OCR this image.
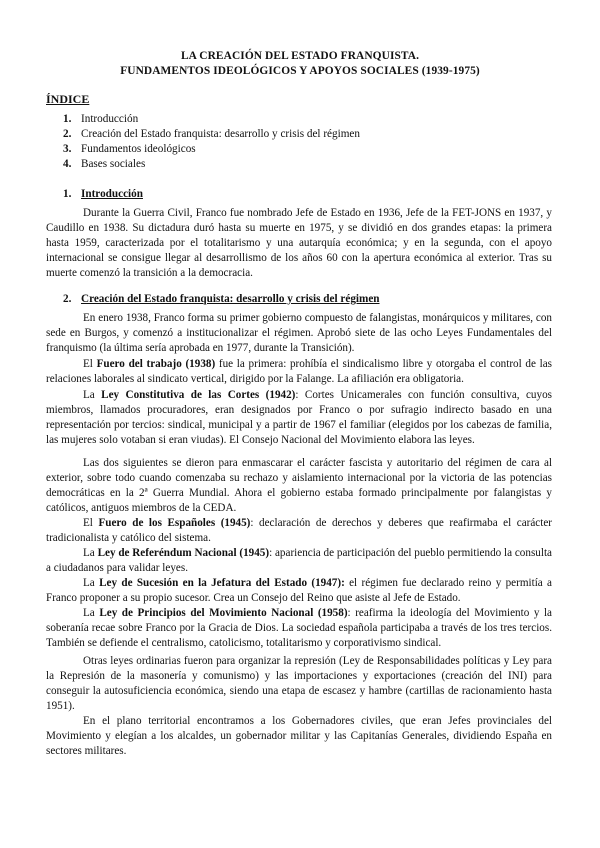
LA CREACIÓN DEL ESTADO FRANQUISTA.
FUNDAMENTOS IDEOLÓGICOS Y APOYOS SOCIALES (1939-1975)
ÍNDICE
1. Introducción
2. Creación del Estado franquista: desarrollo y crisis del régimen
3. Fundamentos ideológicos
4. Bases sociales
1. Introducción

Durante la Guerra Civil, Franco fue nombrado Jefe de Estado en 1936, Jefe de la FET-JONS en 1937, y Caudillo en 1938. Su dictadura duró hasta su muerte en 1975, y se dividió en dos grandes etapas: la primera hasta 1959, caracterizada por el totalitarismo y una autarquía económica; y en la segunda, con el apoyo internacional se consigue llegar al desarrollismo de los años 60 con la apertura económica al exterior. Tras su muerte comenzó la transición a la democracia.

2. Creación del Estado franquista: desarrollo y crisis del régimen

En enero 1938, Franco forma su primer gobierno compuesto de falangistas, monárquicos y militares, con sede en Burgos, y comenzó a institucionalizar el régimen. Aprobó siete de las ocho Leyes Fundamentales del franquismo (la última sería aprobada en 1977, durante la Transición).

El Fuero del trabajo (1938) fue la primera: prohíbía el sindicalismo libre y otorgaba el control de las relaciones laborales al sindicato vertical, dirigido por la Falange. La afiliación era obligatoria.

La Ley Constitutiva de las Cortes (1942): Cortes Unicamerales con función consultiva, cuyos miembros, llamados procuradores, eran designados por Franco o por sufragio indirecto basado en una representación por tercios: sindical, municipal y a partir de 1967 el familiar (elegidos por los cabezas de familia, las mujeres solo votaban si eran viudas). El Consejo Nacional del Movimiento elabora las leyes.

Las dos siguientes se dieron para enmascarar el carácter fascista y autoritario del régimen de cara al exterior, sobre todo cuando comenzaba su rechazo y aislamiento internacional por la victoria de las potencias democráticas en la 2ª Guerra Mundial. Ahora el gobierno estaba formado principalmente por falangistas y católicos, antiguos miembros de la CEDA.

El Fuero de los Españoles (1945): declaración de derechos y deberes que reafirmaba el carácter tradicionalista y católico del sistema.

La Ley de Referéndum Nacional (1945): apariencia de participación del pueblo permitiendo la consulta a ciudadanos para validar leyes.

La Ley de Sucesión en la Jefatura del Estado (1947): el régimen fue declarado reino y permitía a Franco proponer a su propio sucesor. Crea un Consejo del Reino que asiste al Jefe de Estado.

La Ley de Principios del Movimiento Nacional (1958): reafirma la ideología del Movimiento y la soberanía recae sobre Franco por la Gracia de Dios. La sociedad española participaba a través de los tres tercios. También se defiende el centralismo, catolicismo, totalitarismo y corporativismo sindical.

Otras leyes ordinarias fueron para organizar la represión (Ley de Responsabilidades políticas y Ley para la Represión de la masonería y comunismo) y las importaciones y exportaciones (creación del INI) para conseguir la autosuficiencia económica, siendo una etapa de escasez y hambre (cartillas de racionamiento hasta 1951).

En el plano territorial encontramos a los Gobernadores civiles, que eran Jefes provinciales del Movimiento y elegían a los alcaldes, un gobernador militar y las Capitanías Generales, dividiendo España en sectores militares.
